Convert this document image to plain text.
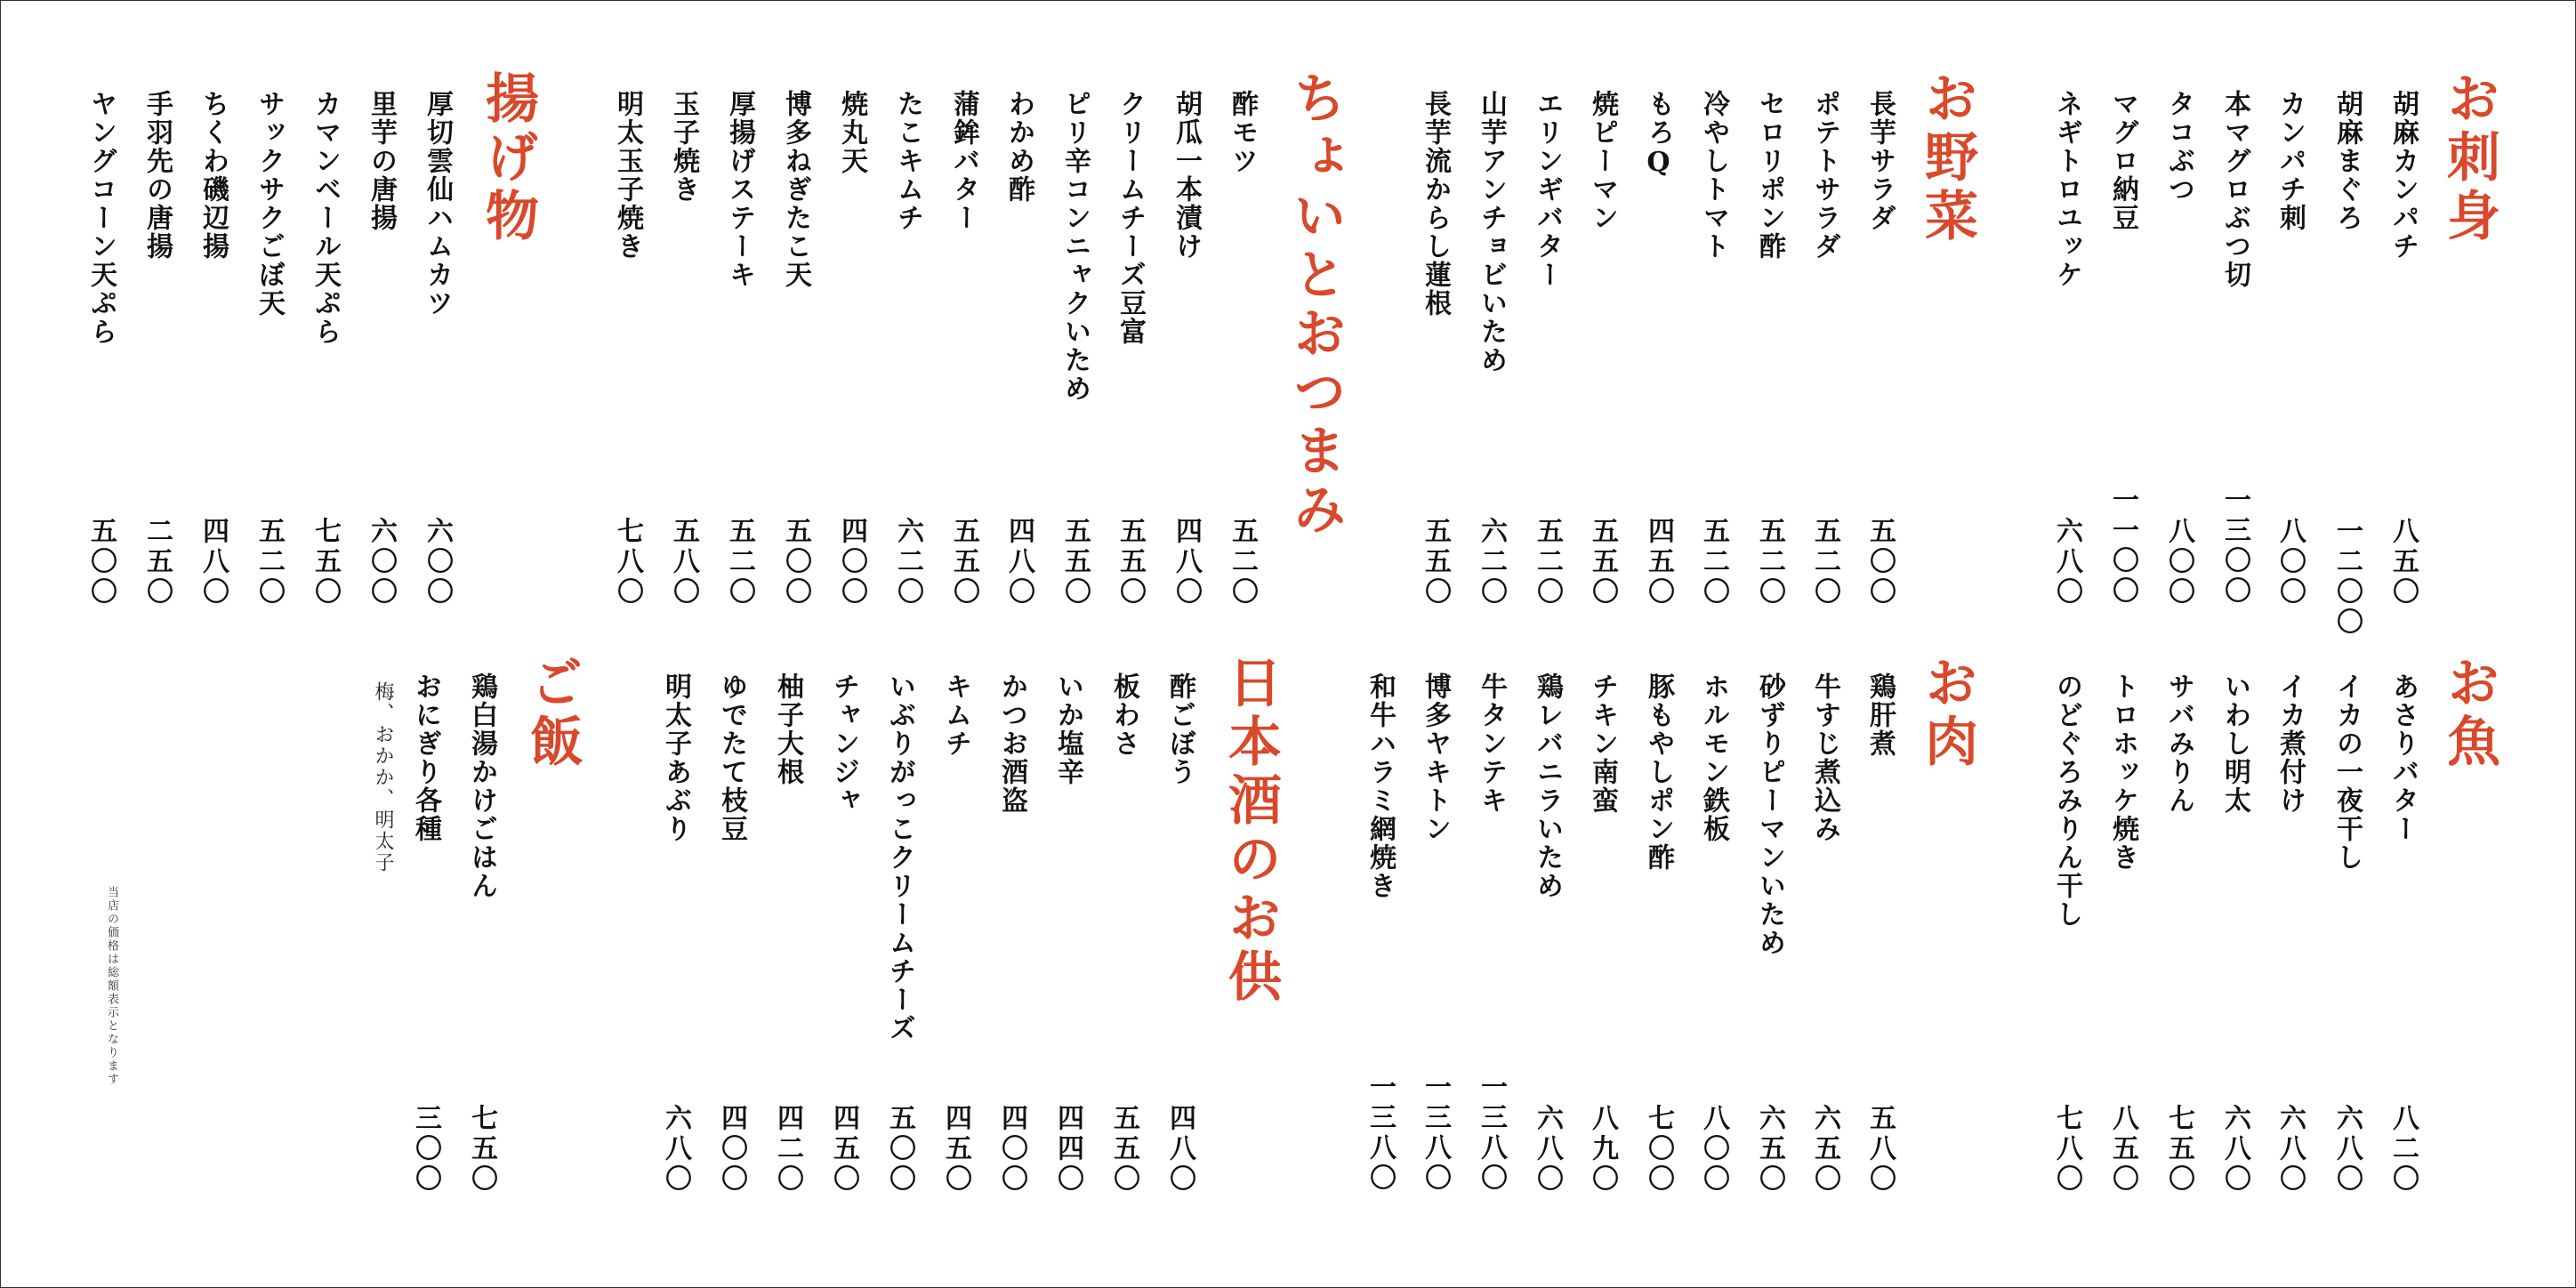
お刺身
胡麻カンパチ
八五〇
胡麻まぐろ
一二〇〇
カンパチ刺
八〇〇
本マグロぶつ切
一三〇〇
タコぶつ
八〇〇
マグロ納豆
一一〇〇
ネギトロユッケ
六八〇
お野菜
長芋サラダ
五〇〇
ポテトサラダ
五二〇
セロリポン酢
五二〇
冷やしトマト
五二〇
もろQ
四五〇
焼ピーマン
五五〇
エリンギバター
五二〇
山芋アンチョビいため
六二〇
長芋流からし蓮根
五五〇
ちょいとおつまみ
酢モツ
五二〇
胡瓜一本漬け
四八〇
クリームチーズ豆富
五五〇
ピリ辛コンニャクいため
五五〇
わかめ酢
四八〇
蒲鉾バター
五五〇
たこキムチ
六二〇
焼丸天
四〇〇
博多ねぎたこ天
五〇〇
厚揚げステーキ
五二〇
玉子焼き
五八〇
明太玉子焼き
七八〇
揚げ物
厚切雲仙ハムカツ
六〇〇
里芋の唐揚
六〇〇
カマンベール天ぷら
七五〇
サックサクごぼ天
五二〇
ちくわ磯辺揚
四八〇
手羽先の唐揚
二五〇
ヤングコーン天ぷら
五〇〇
お魚
あさりバター
八二〇
イカの一夜干し
六八〇
イカ煮付け
六八〇
いわし明太
六八〇
サバみりん
七五〇
トロホッケ焼き
八五〇
のどぐろみりん干し
七八〇
お肉
鶏肝煮
五八〇
牛すじ煮込み
六五〇
砂ずりピーマンいため
六五〇
ホルモン鉄板
八〇〇
豚もやしポン酢
七〇〇
チキン南蛮
八九〇
鶏レバニラいため
六八〇
牛タンテキ
一三八〇
博多ヤキトン
一三八〇
和牛ハラミ網焼き
一三八〇
日本酒のお供
酢ごぼう
四八〇
板わさ
五五〇
いか塩辛
四四〇
かつお酒盗
四〇〇
キムチ
四五〇
いぶりがっこクリームチーズ
五〇〇
チャンジャ
四五〇
柚子大根
四二〇
ゆでたて枝豆
四〇〇
明太子あぶり
六八〇
ご飯
鶏白湯かけごはん
七五〇
おにぎり各種
三〇〇
梅、おかか、明太子
当店の価格は総額表示となります
